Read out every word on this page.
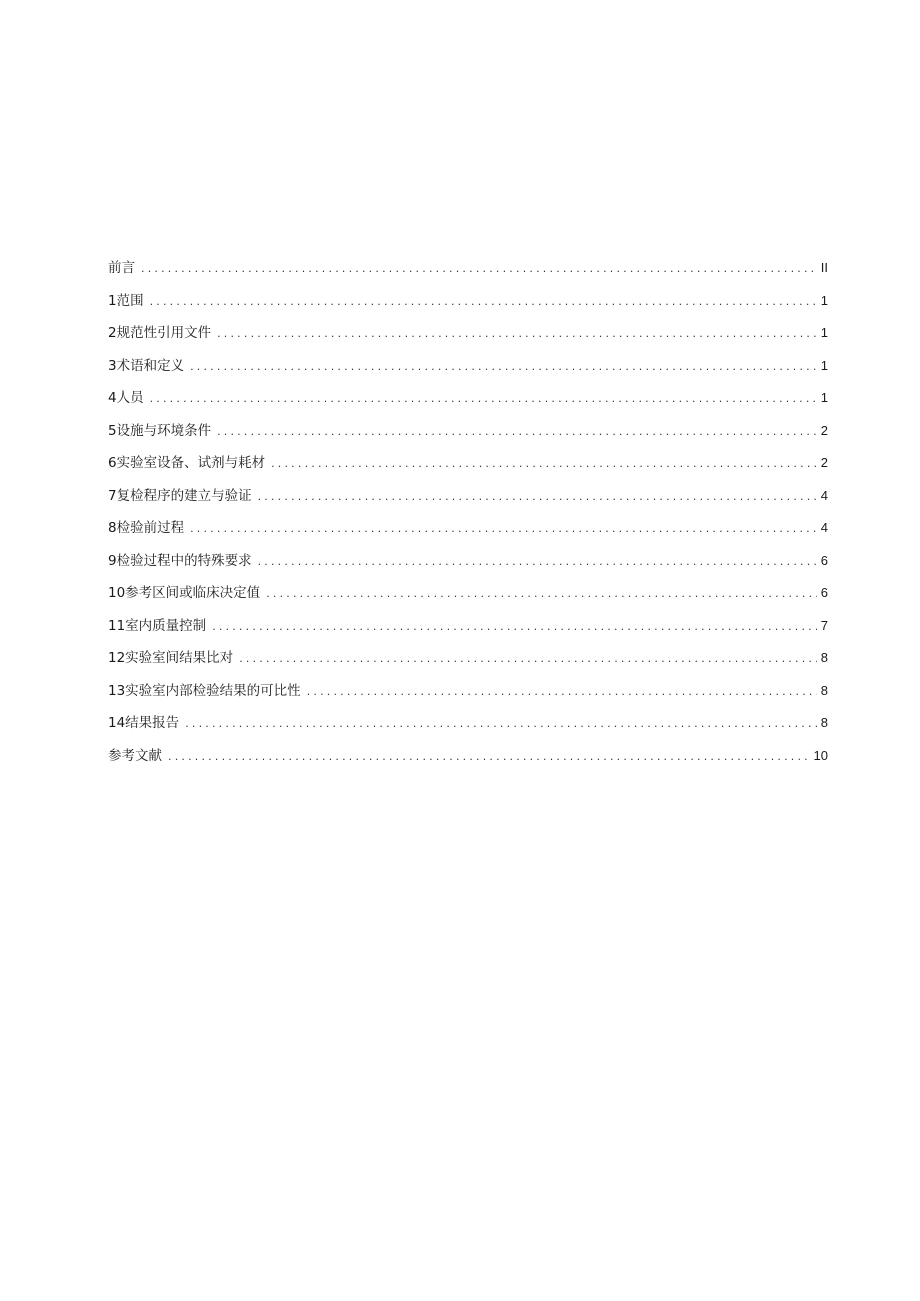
前言 .....	II
1范围 .....	1
2规范性引用文件 .....	1
3术语和定义 .....	1
4人员 .....	1
5设施与环境条件 .....	2
6实验室设备、试剂与耗材 .....	2
7复检程序的建立与验证 .....	4
8检验前过程 .....	4
9检验过程中的特殊要求 .....	6
10参考区间或临床决定值 .....	6
11室内质量控制 .....	7
12实验室间结果比对 .....	8
13实验室内部检验结果的可比性 .....	8
14结果报告 .....	8
参考文献 .....	10
